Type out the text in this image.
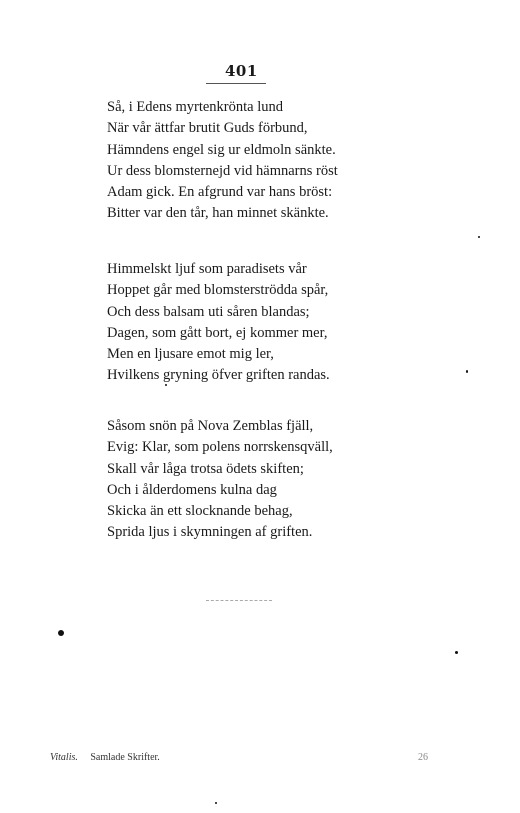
401
Så, i Edens myrtenkrönta lund
När vår ättfar brutit Guds förbund,
Hämndens engel sig ur eldmoln sänkte.
Ur dess blomsternejd vid hämnarns röst
Adam gick. En afgrund var hans bröst:
Bitter var den tår, han minnet skänkte.
Himmelskt ljuf som paradisets vår
Hoppet går med blomsterströdda spår,
Och dess balsam uti såren blandas;
Dagen, som gått bort, ej kommer mer,
Men en ljusare emot mig ler,
Hvilkens gryning öfver griften randas.
Såsom snön på Nova Zemblas fjäll,
Evig: Klar, som polens norrskensqväll,
Skall vår låga trotsa ödets skiften;
Och i ålderdomens kulna dag
Skicka än ett slocknande behag,
Sprida ljus i skymningen af griften.
Vitalis. Samlade Skrifter.	26
